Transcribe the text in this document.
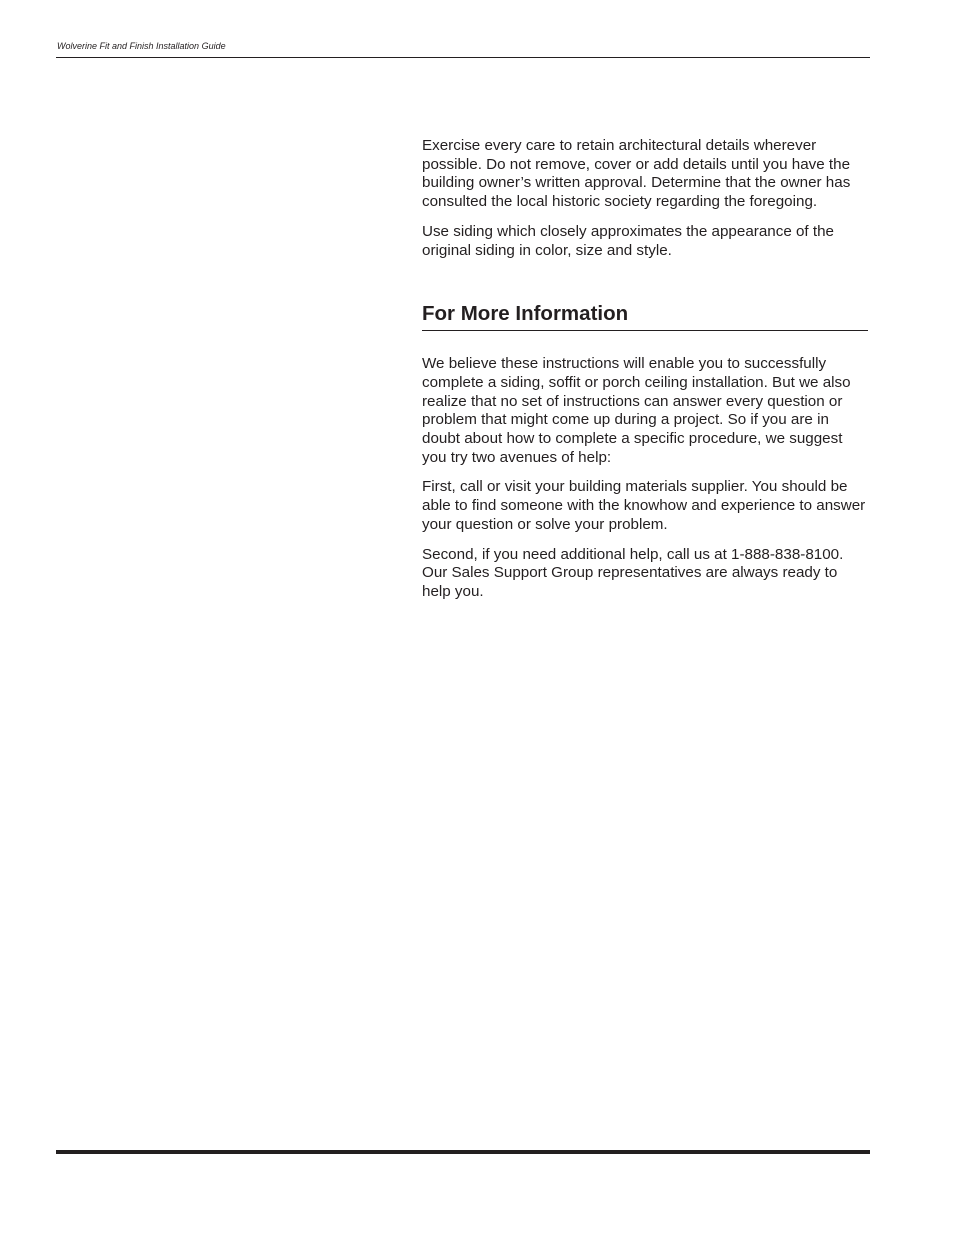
Wolverine Fit and Finish Installation Guide

Exercise every care to retain architectural details wherever possible. Do not remove, cover or add details until you have the building owner’s written approval. Determine that the owner has consulted the local historic society regarding the foregoing.

Use siding which closely approximates the appearance of the original siding in color, size and style.

For More Information

We believe these instructions will enable you to successfully complete a siding, soffit or porch ceiling installation. But we also realize that no set of instructions can answer every question or problem that might come up during a project. So if you are in doubt about how to complete a specific procedure, we suggest you try two avenues of help:

First, call or visit your building materials supplier. You should be able to find someone with the knowhow and experience to answer your question or solve your problem.

Second, if you need additional help, call us at 1-888-838-8100. Our Sales Support Group representatives are always ready to help you.
